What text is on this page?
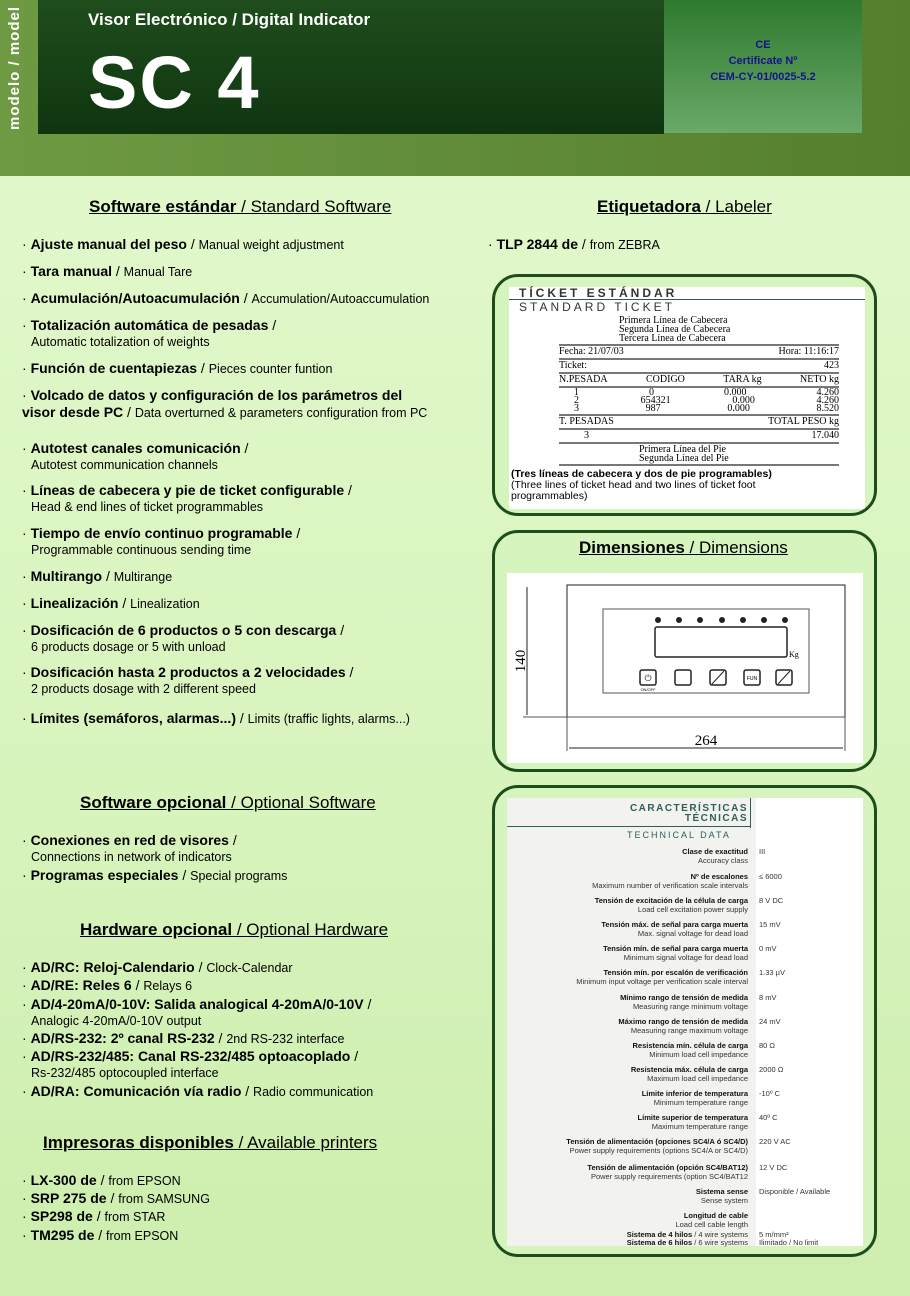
Visor Electrónico / Digital Indicator
SC 4
modelo / model	CE
Certificate Nº
CEM-CY-01/0025-5.2
Software estándar / Standard Software
· Ajuste manual del peso / Manual weight adjustment
· Tara manual / Manual Tare
· Acumulación/Autoacumulación / Accumulation/Autoaccumulation
· Totalización automática de pesadas /
Automatic totalization of weights
· Función de cuentapiezas / Pieces counter funtion
· Volcado de datos y configuración de los parámetros del
visor desde PC / Data overturned & parameters configuration from PC
· Autotest canales comunicación /
Autotest communication channels
· Líneas de cabecera y pie de ticket configurable /
Head & end lines of ticket programmables
· Tiempo de envío continuo programable /
Programmable continuous sending time
· Multirango / Multirange
· Linealización / Linealization
· Dosificación de 6 productos o 5 con descarga /
6 products dosage or 5 with unload
· Dosificación hasta 2 productos a 2 velocidades /
2 products dosage with 2 different speed
· Límites (semáforos, alarmas...) / Limits (traffic lights, alarms...)
Software opcional / Optional Software
· Conexiones en red de visores /
Connections in network of indicators
· Programas especiales / Special programs
Hardware opcional / Optional Hardware
· AD/RC: Reloj-Calendario / Clock-Calendar
· AD/RE: Reles 6 / Relays 6
· AD/4-20mA/0-10V: Salida analogical 4-20mA/0-10V /
Analogic 4-20mA/0-10V output
· AD/RS-232: 2º canal RS-232 / 2nd RS-232 interface
· AD/RS-232/485: Canal RS-232/485 optoacoplado /
Rs-232/485 optocoupled interface
· AD/RA: Comunicación vía radio / Radio communication
Impresoras disponibles / Available printers
· LX-300 de / from EPSON
· SRP 275 de / from SAMSUNG
· SP298 de / from STAR
· TM295 de / from EPSON
Etiquetadora / Labeler
· TLP 2844 de / from ZEBRA
TÍCKET ESTÁNDAR
STANDARD TICKET
Primera Línea de Cabecera
Segunda Línea de Cabecera
Tercera Línea de Cabecera
Fecha: 21/07/03	Hora: 11:16:17
Ticket:	423
N.PESADA	CODIGO	TARA kg	NETO kg
1	0	0.000	4.260
2	654321	0.000	4.260
3	987	0.000	8.520
T. PESADAS	TOTAL PESO kg
3	17.040
Primera Línea del Pie
Segunda Línea del Pie
(Tres líneas de cabecera y dos de pie programables)
(Three lines of ticket head and two lines of ticket foot
programmables)
Dimensiones / Dimensions
140
264
Kg
⏻
ON/OFF
FUN
CARACTERÍSTICAS
TÉCNICAS
TECHNICAL DATA
Clase de exactitud
Accuracy class
III
Nº de escalones
Maximum number of verification scale intervals
≤ 6000
Tensión de excitación de la célula de carga
Load cell excitation power supply
8 V DC
Tensión máx. de señal para carga muerta
Max. signal voltage for dead load
15 mV
Tensión mín. de señal para carga muerta
Minimum signal voltage for dead load
0 mV
Tensión mín. por escalón de verificación
Minimum input voltage per verification scale interval
1.33 µV
Mínimo rango de tensión de medida
Measuring range minimum voltage
8 mV
Máximo rango de tensión de medida
Measuring range maximum voltage
24 mV
Resistencia mín. célula de carga
Minimum load cell impedance
80 Ω
Resistencia máx. célula de carga
Maximum load cell impedance
2000 Ω
Límite inferior de temperatura
Minimum temperature range
-10º C
Límite superior de temperatura
Maximum temperature range
40º C
Tensión de alimentación (opciones SC4/A ó SC4/D)
Power supply requirements (options SC4/A or SC4/D)
220 V AC
Tensión de alimentación (opción SC4/BAT12)
Power supply requirements (option SC4/BAT12
12 V DC
Sistema sense
Sense system
Disponible / Available
Longitud de cable
Load cell cable length
Sistema de 4 hilos / 4 wire systems 5 m/mm²
Sistema de 6 hilos / 6 wire systems Ilimitado / No limit
